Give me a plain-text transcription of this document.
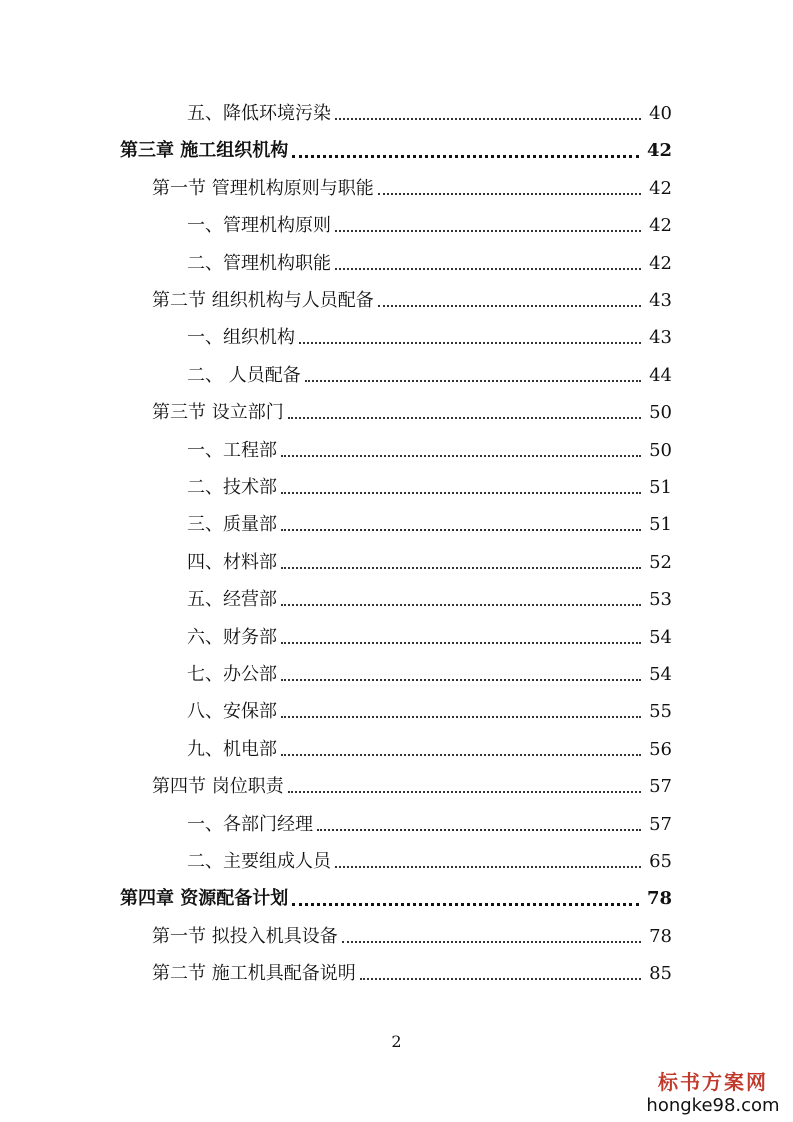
五、降低环境污染	40
第三章 施工组织机构	42
第一节 管理机构原则与职能	42
一、管理机构原则	42
二、管理机构职能	42
第二节 组织机构与人员配备	43
一、组织机构	43
二、 人员配备	44
第三节 设立部门	50
一、工程部	50
二、技术部	51
三、质量部	51
四、材料部	52
五、经营部	53
六、财务部	54
七、办公部	54
八、安保部	55
九、机电部	56
第四节 岗位职责	57
一、各部门经理	57
二、主要组成人员	65
第四章 资源配备计划	78
第一节 拟投入机具设备	78
第二节 施工机具配备说明	85
2
标书方案网
hongke98.com
